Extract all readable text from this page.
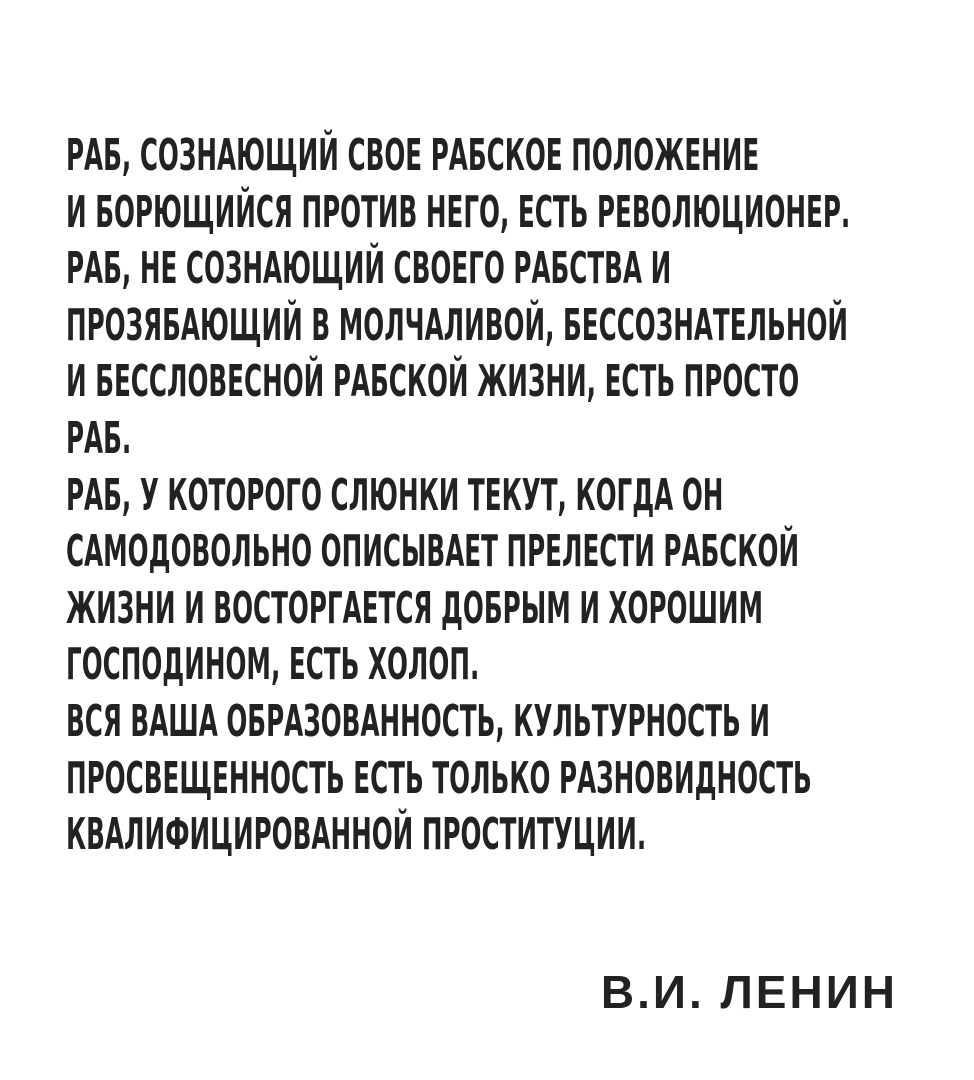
РАБ, СОЗНАЮЩИЙ СВОЕ РАБСКОЕ ПОЛОЖЕНИЕ
И БОРЮЩИЙСЯ ПРОТИВ НЕГО, ЕСТЬ РЕВОЛЮЦИОНЕР.
РАБ, НЕ СОЗНАЮЩИЙ СВОЕГО РАБСТВА И
ПРОЗЯБАЮЩИЙ В МОЛЧАЛИВОЙ, БЕССОЗНАТЕЛЬНОЙ
И БЕССЛОВЕСНОЙ РАБСКОЙ ЖИЗНИ, ЕСТЬ ПРОСТО
РАБ.
РАБ, У КОТОРОГО СЛЮНКИ ТЕКУТ, КОГДА ОН
САМОДОВОЛЬНО ОПИСЫВАЕТ ПРЕЛЕСТИ РАБСКОЙ
ЖИЗНИ И ВОСТОРГАЕТСЯ ДОБРЫМ И ХОРОШИМ
ГОСПОДИНОМ, ЕСТЬ ХОЛОП.
ВСЯ ВАША ОБРАЗОВАННОСТЬ, КУЛЬТУРНОСТЬ И
ПРОСВЕЩЕННОСТЬ ЕСТЬ ТОЛЬКО РАЗНОВИДНОСТЬ
КВАЛИФИЦИРОВАННОЙ ПРОСТИТУЦИИ.
В.И. ЛЕНИН
